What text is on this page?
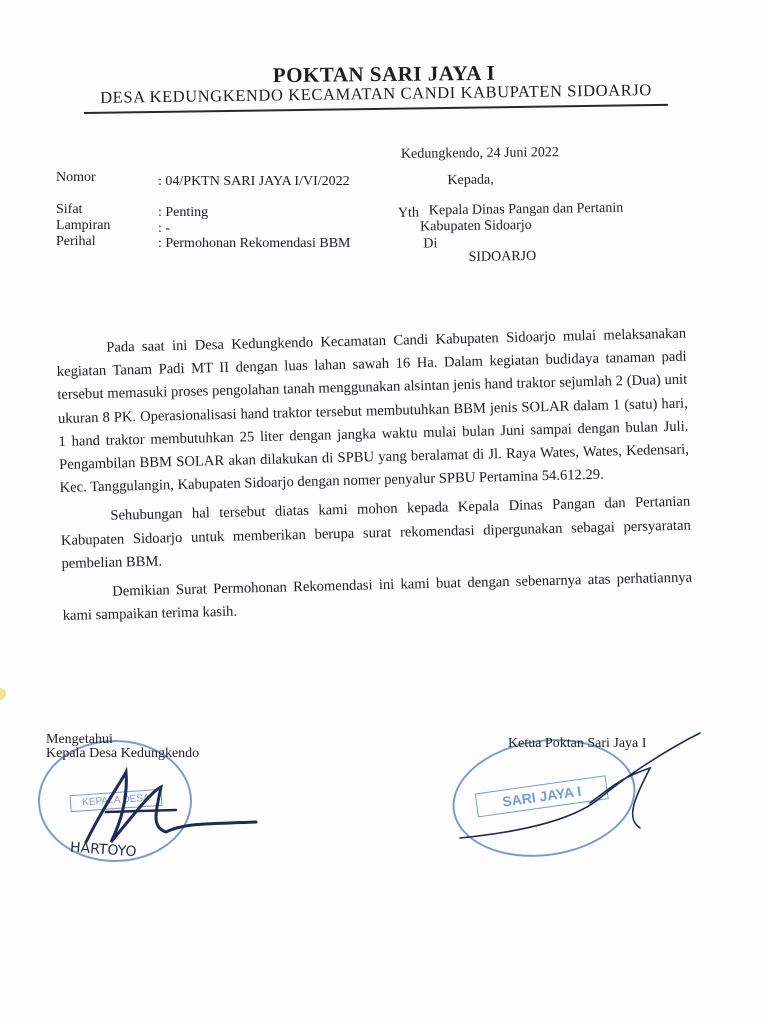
POKTAN SARI JAYA I
DESA KEDUNGKENDO KECAMATAN CANDI KABUPATEN SIDOARJO
Kedungkendo, 24 Juni 2022
Nomor	: 04/PKTN SARI JAYA I/VI/2022
Sifat	: Penting
Lampiran	: -
Perihal	: Permohonan Rekomendasi BBM
Kepada,
Yth Kepala Dinas Pangan dan Pertanin
Kabupaten Sidoarjo
Di
SIDOARJO

Pada saat ini Desa Kedungkendo Kecamatan Candi Kabupaten Sidoarjo mulai melaksanakan kegiatan Tanam Padi MT II dengan luas lahan sawah 16 Ha. Dalam kegiatan budidaya tanaman padi tersebut memasuki proses pengolahan tanah menggunakan alsintan jenis hand traktor sejumlah 2 (Dua) unit ukuran 8 PK. Operasionalisasi hand traktor tersebut membutuhkan BBM jenis SOLAR dalam 1 (satu) hari, 1 hand traktor membutuhkan 25 liter dengan jangka waktu mulai bulan Juni sampai dengan bulan Juli. Pengambilan BBM SOLAR akan dilakukan di SPBU yang beralamat di Jl. Raya Wates, Wates, Kedensari, Kec. Tanggulangin, Kabupaten Sidoarjo dengan nomer penyalur SPBU Pertamina 54.612.29.

Sehubungan hal tersebut diatas kami mohon kepada Kepala Dinas Pangan dan Pertanian Kabupaten Sidoarjo untuk memberikan berupa surat rekomendasi dipergunakan sebagai persyaratan pembelian BBM.

Demikian Surat Permohonan Rekomendasi ini kami buat dengan sebenarnya atas perhatiannya kami sampaikan terima kasih.

KEPALA DESA
Mengetahui
Kepala Desa Kedungkendo
HARTOYO
SARI JAYA I
Ketua Poktan Sari Jaya I
